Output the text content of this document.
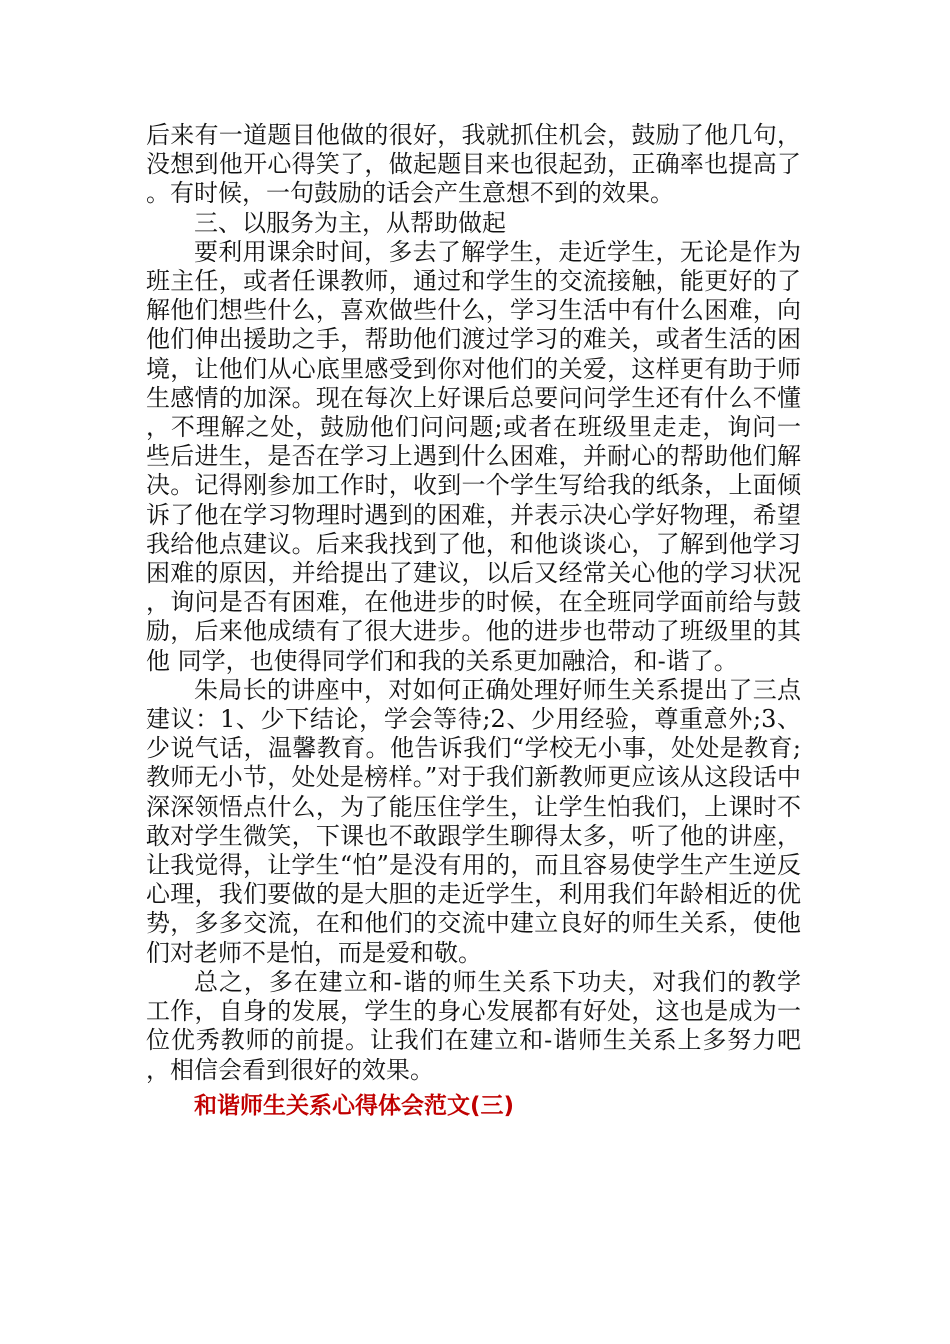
后来有一道题目他做的很好，我就抓住机会，鼓励了他几句，没想到他开心得笑了，做起题目来也很起劲，正确率也提高了。有时候，一句鼓励的话会产生意想不到的效果。

三、以服务为主，从帮助做起

要利用课余时间，多去了解学生，走近学生，无论是作为班主任，或者任课教师，通过和学生的交流接触，能更好的了解他们想些什么，喜欢做些什么，学习生活中有什么困难，向他们伸出援助之手，帮助他们渡过学习的难关，或者生活的困境，让他们从心底里感受到你对他们的关爱，这样更有助于师生感情的加深。现在每次上好课后总要问问学生还有什么不懂，不理解之处，鼓励他们问问题;或者在班级里走走，询问一些后进生，是否在学习上遇到什么困难，并耐心的帮助他们解决。记得刚参加工作时，收到一个学生写给我的纸条，上面倾诉了他在学习物理时遇到的困难，并表示决心学好物理，希望我给他点建议。后来我找到了他，和他谈谈心，了解到他学习困难的原因，并给提出了建议，以后又经常关心他的学习状况，询问是否有困难，在他进步的时候，在全班同学面前给与鼓励，后来他成绩有了很大进步。他的进步也带动了班级里的其他 同学，也使得同学们和我的关系更加融洽，和-谐了。

朱局长的讲座中，对如何正确处理好师生关系提出了三点建议：1、少下结论，学会等待;2、少用经验，尊重意外;3、少说气话，温馨教育。他告诉我们“学校无小事，处处是教育;教师无小节，处处是榜样。”对于我们新教师更应该从这段话中深深领悟点什么，为了能压住学生，让学生怕我们，上课时不敢对学生微笑，下课也不敢跟学生聊得太多，听了他的讲座，让我觉得，让学生“怕”是没有用的，而且容易使学生产生逆反心理，我们要做的是大胆的走近学生，利用我们年龄相近的优势，多多交流，在和他们的交流中建立良好的师生关系，使他们对老师不是怕，而是爱和敬。

总之，多在建立和-谐的师生关系下功夫，对我们的教学工作，自身的发展，学生的身心发展都有好处，这也是成为一位优秀教师的前提。让我们在建立和-谐师生关系上多努力吧，相信会看到很好的效果。

和谐师生关系心得体会范文(三)
